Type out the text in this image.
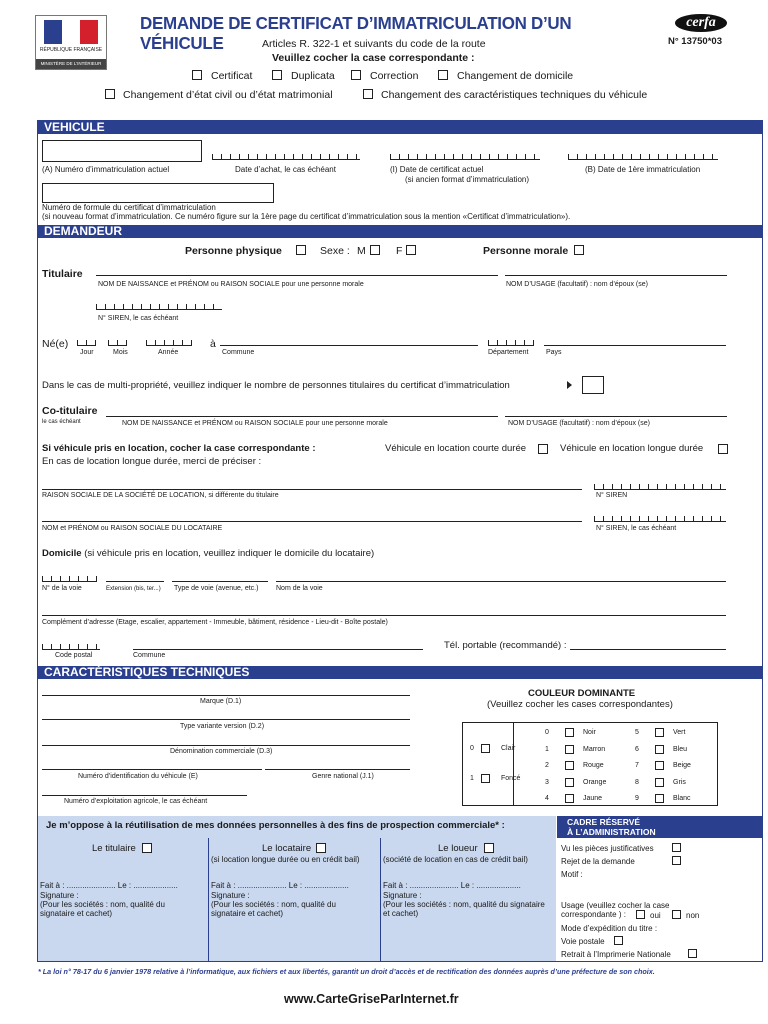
RÉPUBLIQUE FRANÇAISE
MINISTÈRE DE L'INTÉRIEUR
DEMANDE DE CERTIFICAT D’IMMATRICULATION D’UN VÉHICULE	Articles R. 322-1 et suivants du code de la route
Veuillez cocher la case correspondante :
cerfa
N° 13750*03
Certificat	Duplicata	Correction	Changement de domicile
Changement d’état civil ou d’état matrimonial	Changement des caractéristiques techniques du véhicule
VEHICULE
(A) Numéro d’immatriculation actuel	Date d’achat, le cas échéant	(I) Date de certificat actuel
(si ancien format d’immatriculation)
(B) Date de 1ère immatriculation
Numéro de formule du certificat d’immatriculation
(si nouveau format d’immatriculation. Ce numéro figure sur la 1ère page du certificat d’immatriculation sous la mention «Certificat d’immatriculation»).
DEMANDEUR
Personne physique	Sexe : M	F	Personne morale
Titulaire
NOM DE NAISSANCE et PRÉNOM ou RAISON SOCIALE pour une personne morale	NOM D’USAGE (facultatif) : nom d’époux (se)
N° SIREN, le cas échéant
Né(e)
Jour	Mois	Année
à
Commune	Département	Pays
Dans le cas de multi-propriété, veuillez indiquer le nombre de personnes titulaires du certificat d’immatriculation
Co-titulaire
le cas échéant	NOM DE NAISSANCE et PRÉNOM ou RAISON SOCIALE pour une personne morale	NOM D’USAGE (facultatif) : nom d’époux (se)
Si véhicule pris en location, cocher la case correspondante :	Véhicule en location courte durée	Véhicule en location longue durée
En cas de location longue durée, merci de préciser :
RAISON SOCIALE DE LA SOCIÉTÉ DE LOCATION, si différente du titulaire	N° SIREN
NOM et PRÉNOM ou RAISON SOCIALE DU LOCATAIRE	N° SIREN, le cas échéant
Domicile (si véhicule pris en location, veuillez indiquer le domicile du locataire)
N° de la voie	Extension (bis, ter...) Type de voie (avenue, etc.)	Nom de la voie
Complément d’adresse (Etage, escalier, appartement - Immeuble, bâtiment, résidence - Lieu-dit - Boîte postale)
Code postal	Commune
Tél. portable (recommandé) :
CARACTÉRISTIQUES TECHNIQUES
Marque (D.1)
Type variante version (D.2)
Dénomination commerciale (D.3)
Numéro d’identification du véhicule (E)	Genre national (J.1)
Numéro d’exploitation agricole, le cas échéant
COULEUR DOMINANTE
(Veuillez cocher les cases correspondantes)
0	Clair
1	Foncé
0	Noir	5	Vert
1	Marron	6	Bleu
2	Rouge	7	Beige
3	Orange	8	Gris
4	Jaune	9	Blanc
Je m’oppose à la réutilisation de mes données personnelles à des fins de prospection commerciale* :
Le titulaire
Fait à : ...................... Le : ....................
Signature :
(Pour les sociétés : nom, qualité du signataire et cachet)
Le locataire
(si location longue durée ou en crédit bail)
Fait à : ...................... Le : ....................
Signature :
(Pour les sociétés : nom, qualité du signataire et cachet)
Le loueur
(société de location en cas de crédit bail)
Fait à : ...................... Le : ....................
Signature :
(Pour les sociétés : nom, qualité du signataire et cachet)
CADRE RÉSERVÉ
À L’ADMINISTRATION
Vu les pièces justificatives
Rejet de la demande
Motif :
Usage (veuillez cocher la case correspondante ) :	oui	non
Mode d’expédition du titre :
Voie postale
Retrait à l’Imprimerie Nationale
* La loi n° 78-17 du 6 janvier 1978 relative à l’informatique, aux fichiers et aux libertés, garantit un droit d’accès et de rectification des données auprès d’une préfecture de son choix.
www.CarteGriseParInternet.fr
